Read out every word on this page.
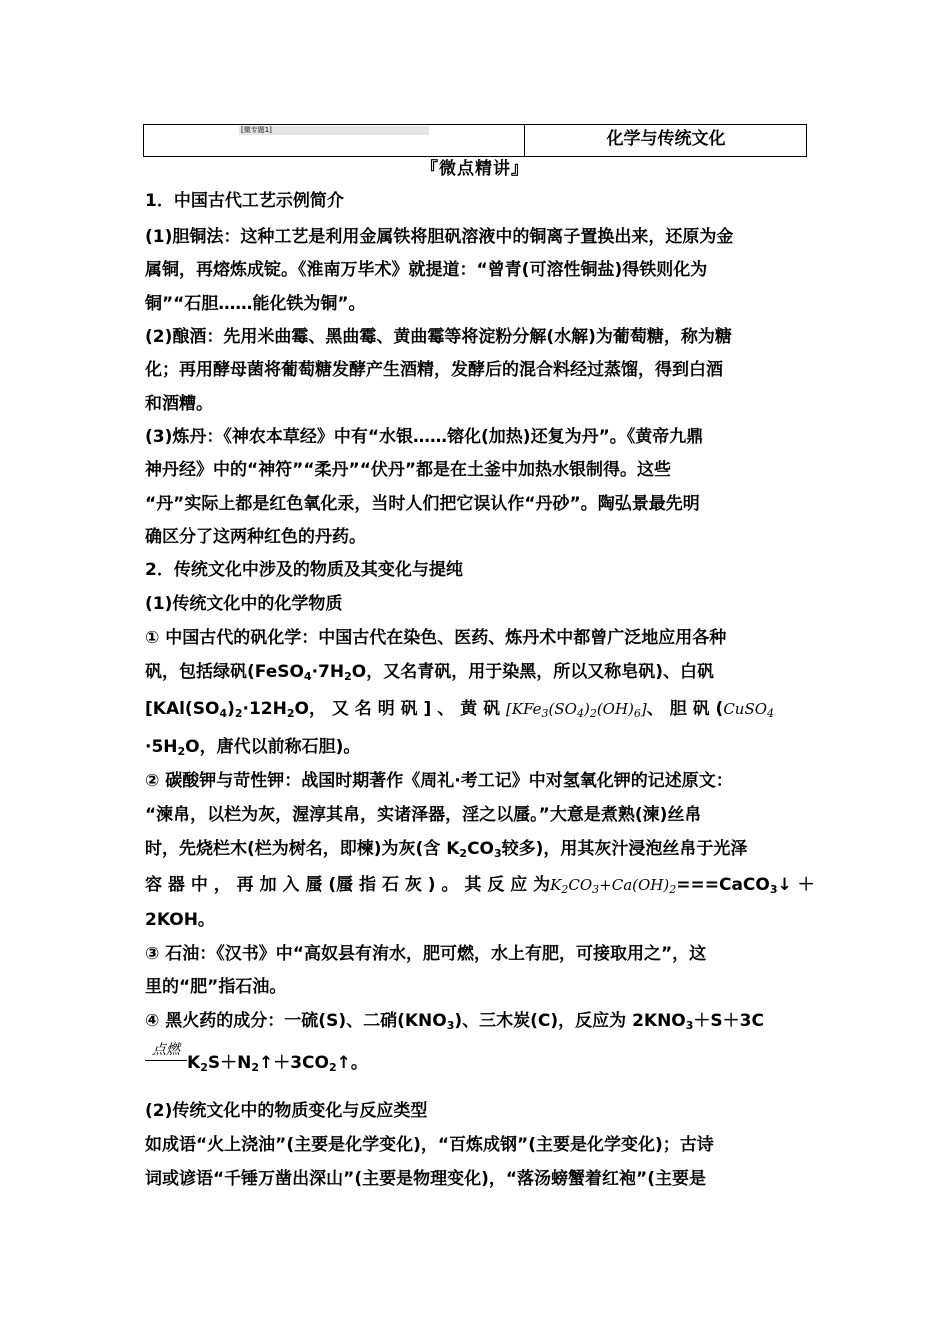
[微专题1]	化学与传统文化
『微点精讲』
1．中国古代工艺示例简介
(1)胆铜法：这种工艺是利用金属铁将胆矾溶液中的铜离子置换出来，还原为金
属铜，再熔炼成锭。《淮南万毕术》就提道：“曾青(可溶性铜盐)得铁则化为
铜”“石胆……能化铁为铜”。
(2)酿酒：先用米曲霉、黑曲霉、黄曲霉等将淀粉分解(水解)为葡萄糖，称为糖
化；再用酵母菌将葡萄糖发酵产生酒精，发酵后的混合料经过蒸馏，得到白酒
和酒糟。
(3)炼丹：《神农本草经》中有“水银……镕化(加热)还复为丹”。《黄帝九鼎
神丹经》中的“神符”“柔丹”“伏丹”都是在土釜中加热水银制得。这些
“丹”实际上都是红色氧化汞，当时人们把它误认作“丹砂”。陶弘景最先明
确区分了这两种红色的丹药。
2．传统文化中涉及的物质及其变化与提纯
(1)传统文化中的化学物质
① 中国古代的矾化学：中国古代在染色、医药、炼丹术中都曾广泛地应用各种
矾，包括绿矾($FeSO_4\cdot 7H_2O$，又名青矾，用于染黑，所以又称皂矾)、白矾
[$KAl(SO_4)_2\cdot 12H_2O$， 又 名 明 矾 ] 、 黄 矾 $[KFe_3(SO_4)_2(OH)_6]$、 胆 矾 (CuSO$_4$
$\cdot 5H_2O$，唐代以前称石胆)。
② 碳酸钾与苛性钾：战国时期著作《周礼·考工记》中对氢氧化钾的记述原文：
“湅帛，以栏为灰，渥淳其帛，实诸泽器，淫之以蜃。”大意是煮熟(湅)丝帛
时，先烧栏木(栏为树名，即楝)为灰(含 $K_2CO_3$较多)，用其灰汁浸泡丝帛于光泽
容 器 中 ， 再 加 入 蜃 (蜃 指 石 灰 ) 。 其 反 应 为$K_2CO_3+Ca(OH)_2===CaCO_3↓$ ＋
2KOH。
③ 石油：《汉书》中“高奴县有洧水，肥可燃，水上有肥，可接取用之”，这
里的“肥”指石油。
④ 黑火药的成分：一硫(S)、二硝$(KNO_3)$、三木炭(C)，反应为 $2KNO_3+S+3C$
点燃
$K_2S+N_2↑+3CO_2↑$。
(2)传统文化中的物质变化与反应类型
如成语“火上浇油”(主要是化学变化)，“百炼成钢”(主要是化学变化)；古诗
词或谚语“千锤万凿出深山”(主要是物理变化)，“落汤螃蟹着红袍”(主要是
